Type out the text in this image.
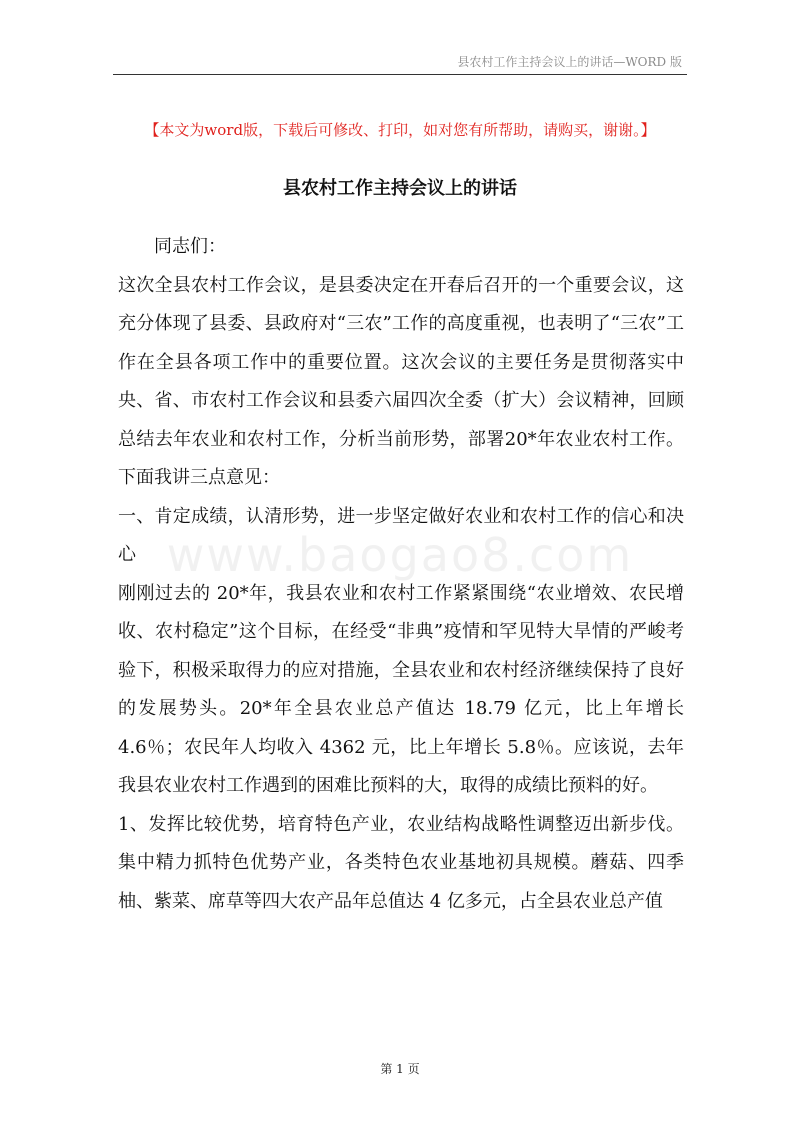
县农村工作主持会议上的讲话—WORD 版
【本文为word版，下载后可修改、打印，如对您有所帮助，请购买，谢谢。】
县农村工作主持会议上的讲话
www.baogao8.com

同志们：

这次全县农村工作会议，是县委决定在开春后召开的一个重要会议，这充分体现了县委、县政府对“三农”工作的高度重视，也表明了“三农”工作在全县各项工作中的重要位置。这次会议的主要任务是贯彻落实中央、省、市农村工作会议和县委六届四次全委（扩大）会议精神，回顾总结去年农业和农村工作，分析当前形势，部署20*年农业农村工作。下面我讲三点意见：

一、肯定成绩，认清形势，进一步坚定做好农业和农村工作的信心和决心

刚刚过去的 20*年，我县农业和农村工作紧紧围绕“农业增效、农民增收、农村稳定”这个目标，在经受“非典”疫情和罕见特大旱情的严峻考验下，积极采取得力的应对措施，全县农业和农村经济继续保持了良好的发展势头。20*年全县农业总产值达 18.79 亿元，比上年增长 4.6％；农民年人均收入 4362 元，比上年增长 5.8％。应该说，去年我县农业农村工作遇到的困难比预料的大，取得的成绩比预料的好。

1、发挥比较优势，培育特色产业，农业结构战略性调整迈出新步伐。集中精力抓特色优势产业，各类特色农业基地初具规模。蘑菇、四季柚、紫菜、席草等四大农产品年总值达 4 亿多元，占全县农业总产值

第 1 页
